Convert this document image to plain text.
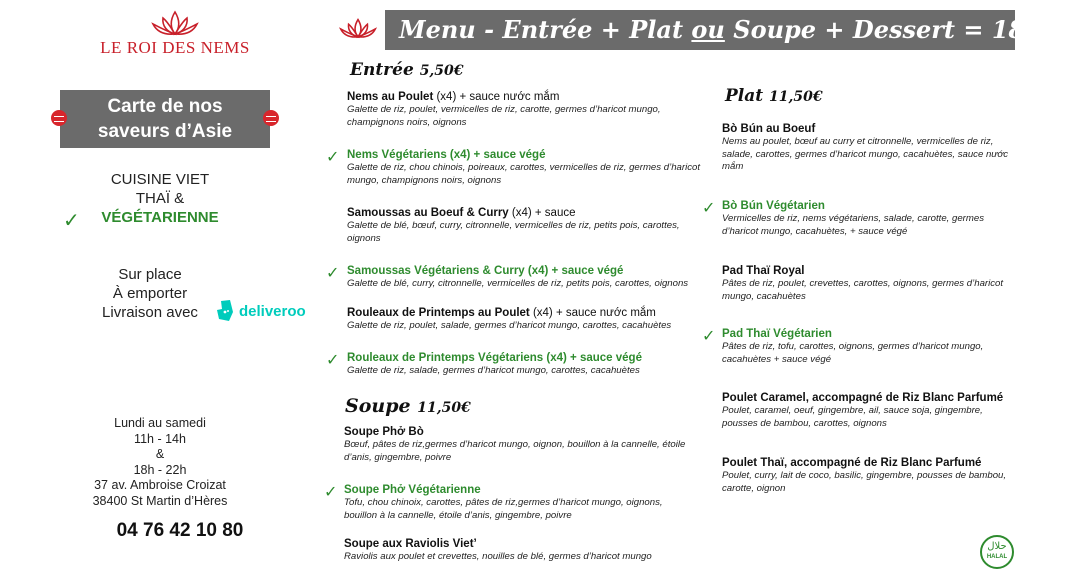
LE ROI DES NEMS
Carte de nos
saveurs d’Asie
CUISINE VIET
THAÏ &
VÉGÉTARIENNE
✓
Sur place
À emporter
Livraison avec	deliveroo
Lundi au samedi
11h - 14h
&
18h - 22h
37 av. Ambroise Croizat
38400 St Martin d’Hères
04 76 42 10 80
Menu - Entrée + Plat ou Soupe + Dessert = 18,90€
Entrée 5,50€
Nems au Poulet (x4) + sauce nước mắm
Galette de riz, poulet, vermicelles de riz, carotte, germes d’haricot mungo, champignons noirs, oignons
✓ Nems Végétariens (x4) + sauce végé
Galette de riz, chou chinois, poireaux, carottes, vermicelles de riz, germes d’haricot mungo, champignons noirs, oignons
Samoussas au Boeuf & Curry (x4) + sauce
Galette de blé, bœuf, curry, citronnelle, vermicelles de riz, petits pois, carottes, oignons
✓ Samoussas Végétariens & Curry (x4) + sauce végé
Galette de blé, curry, citronnelle, vermicelles de riz, petits pois, carottes, oignons
Rouleaux de Printemps au Poulet (x4) + sauce nước mắm
Galette de riz, poulet, salade, germes d’haricot mungo, carottes, cacahuètes
✓ Rouleaux de Printemps Végétariens (x4) + sauce végé
Galette de riz, salade, germes d’haricot mungo, carottes, cacahuètes
Soupe 11,50€
Soupe Phở Bò
Bœuf, pâtes de riz,germes d’haricot mungo, oignon, bouillon à la cannelle, étoile d’anis, gingembre, poivre
✓ Soupe Phở Végétarienne
Tofu, chou chinoix, carottes, pâtes de riz,germes d’haricot mungo, oignons, bouillon à la cannelle, étoile d’anis, gingembre, poivre
Soupe aux Raviolis Viet’
Raviolis aux poulet et crevettes, nouilles de blé, germes d’haricot mungo
Plat 11,50€
Bò Bún au Boeuf
Nems au poulet, bœuf au curry et citronnelle, vermicelles de riz, salade, carottes, germes d’haricot mungo, cacahuètes, sauce nước mắm
✓ Bò Bún Végétarien
Vermicelles de riz, nems végétariens, salade, carotte, germes d’haricot mungo, cacahuètes, + sauce végé
Pad Thaï Royal
Pâtes de riz, poulet, crevettes, carottes, oignons, germes d’haricot mungo, cacahuètes
✓ Pad Thaï Végétarien
Pâtes de riz, tofu, carottes, oignons, germes d’haricot mungo, cacahuètes + sauce végé
Poulet Caramel, accompagné de Riz Blanc Parfumé
Poulet, caramel, oeuf, gingembre, ail, sauce soja, gingembre, pousses de bambou, carottes, oignons
Poulet Thaï, accompagné de Riz Blanc Parfumé
Poulet, curry, lait de coco, basilic, gingembre, pousses de bambou, carotte, oignon
حلال
HALAL
